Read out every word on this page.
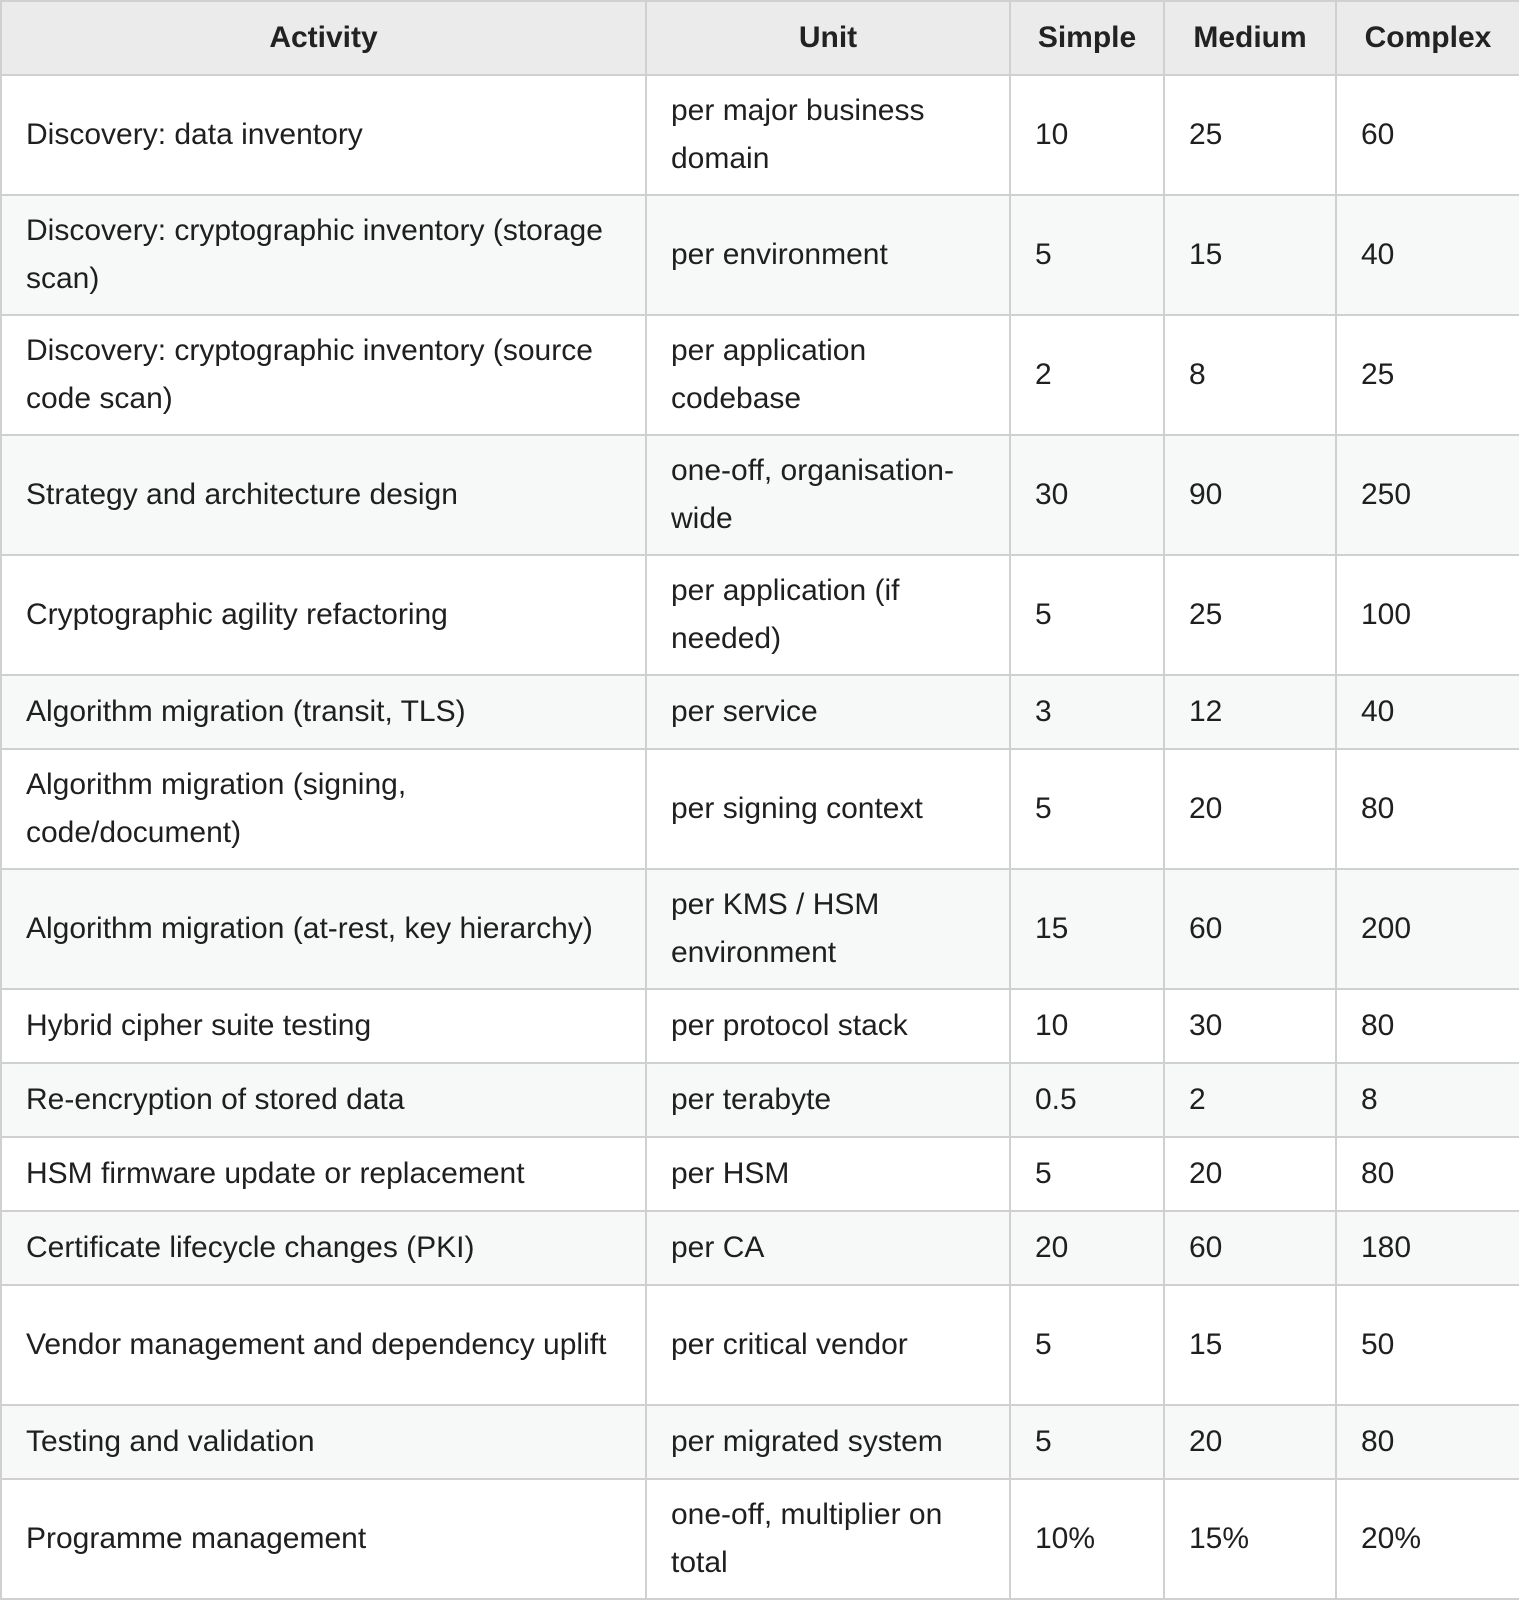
Activity	Unit	Simple	Medium	Complex
Discovery: data inventory	per major business domain	10	25	60
Discovery: cryptographic inventory (storage scan)	per environment	5	15	40
Discovery: cryptographic inventory (source code scan)	per application codebase	2	8	25
Strategy and architecture design	one-off, organisation-wide	30	90	250
Cryptographic agility refactoring	per application (if needed)	5	25	100
Algorithm migration (transit, TLS)	per service	3	12	40
Algorithm migration (signing, code/document)	per signing context	5	20	80
Algorithm migration (at-rest, key hierarchy)	per KMS / HSM environment	15	60	200
Hybrid cipher suite testing	per protocol stack	10	30	80
Re-encryption of stored data	per terabyte	0.5	2	8
HSM firmware update or replacement	per HSM	5	20	80
Certificate lifecycle changes (PKI)	per CA	20	60	180
Vendor management and dependency uplift	per critical vendor	5	15	50
Testing and validation	per migrated system	5	20	80
Programme management	one-off, multiplier on total	10%	15%	20%
